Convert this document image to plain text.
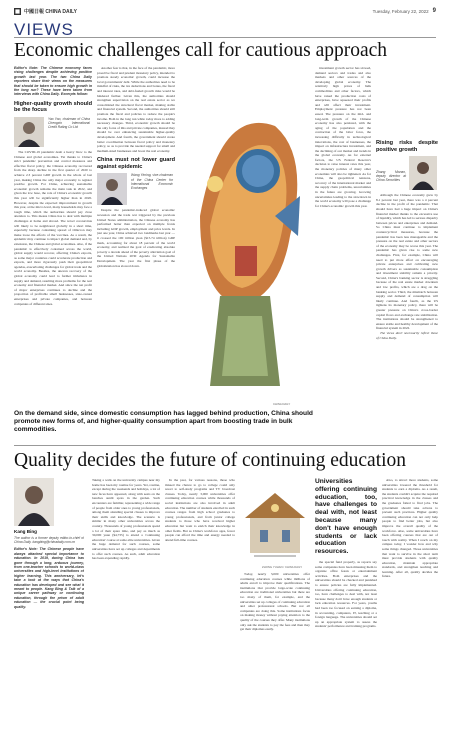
中國日報 CHINA DAILY	Tuesday, February 22, 2022 9
VIEWS
Economic challenges call for cautious approach
Editor's Note: The Chinese economy faces rising challenges despite achieving positive growth last year. The two China Daily reporters share their views on the measures that should be taken to ensure high growth in the long run? These have been taken from interviews with China Daily. Excerpts follow:
Higher-quality growth should be the focus
Yao Yao, chairman of China Chengxin International Credit Rating Co Ltd

The COVID-19 pandemic dealt a heavy blow to the Chinese and global economies. Yet thanks to China's strict pandemic prevention and control measures and effective fiscal policy, the Chinese economy recovered from the sharp decline in the first quarter of 2020 to achieve 2.3 percent GDP growth in the whole of last year, making China the only major economy to register positive growth. For China, achieving sustainable economic growth remains the main task in 2022, and given the low base, the role of China's economic growth this year will be significantly higher than in 2020. However, despite the expected improvement in growth this year, at the micro level, many households may face a tough time, which the authorities should pay close attention to. This means China has to deal with multiple challenges at home and abroad. The novel coronavirus will likely to be neighbored globally in a short time, especially because containing spread of Omicron may make loose the effects of the vaccines. As a result, the epidemic may continue to impact global demand and, by extension, the Chinese and global economies. Also, if the pandemic is effectively contained across the world, global supply would recover, affecting China's exports, as some major countries could accelerate production and exports, and more rigorously push their geopolitical agendas, exacerbating challenges for global trade and the world economy. Besides, the uneven recovery of the global economy could lead to further imbalance in supply and demand, resulting more problems for the real economy and financial market. And since the net profit of major enterprises continues to decline and the proportion of profitable small businesses, state-owned enterprises and private companies, and between companies of different sizes.

Another fear is that, in the face of the pandemic, more proactive fiscal and prudent monetary policy, intended to promote steady economic growth, could increase the local governments' debt. While the authorities need to be mindful of risks, the tax deductions and bonus, the fiscal and interest rates, and debt-fueled growth risks would be hindered further. Given this, the authorities should strengthen supervision on the real estate sector as we consolidated the structural fiscal market, making stable and financial system. Second, the authorities should still promote the fiscal and policies to reduce the people's income. Both in the long run while today more to adding necessary changes. Third, economic growth should be the only focus of this and private companies, instead they should be over enhancing sustainable higher-quality development. And fourth, the government should create better coordination between fiscal policy and monetary policy, so as to provide the needed support for small and medium-sized businesses and boost the real economy.

China must not lower guard against epidemic
Wang Yiming, vice-chairman of the China Center for International Economic Exchanges

Despite the pandemic-induced global economic recession and the trade war triggered by the previous United States administration, the Chinese economy has performed better than expected on multiple fronts including GDP growth, employment and price levels. In just one year, China achieved two landmarks last year — it crossed the 100 trillion yuan ($15.74 trillion) GDP mark, accounting for about 18 percent of the world economy, and realized the goal of eradicating absolute poverty a decade ahead of the poverty alleviation goal of the United Nations 2030 Agenda for Sustainable Development. The year the first phase of the globalization has slowed down.

CHINA DAILY

investment growth sector has slowed, demand sectors and trades and also markets and other sources of the developing global economy. The relatively high prices of bulk commodities and other factors, which have raised the production costs of enterprises, have squeezed their profits and will affect their investment. Employment pressure has not been eased. The pressure on the mid- and long-term growth of the Chinese economy has also persisted, with the aging of the population and the contraction of the labor force, the increasing difficulty in technological innovations, the cost of businesses, the impact on infrastructure investment, and the declining of our market and trends in the global economy. As for external factors, the US Federal Reserve's decision to raise interest rates this year, the monetary policies of many other economies will also be tightened. As for China, the geopolitical tensions, recovery of the international market and the supply chain problems, uncertainties in the future are growing. Growing uncertainties leading to the slowdown in the world economy will pose a challenge for China's economic growth this year.

Rising risks despite positive growth
Zhang Monan, deputy director at China Securities

Although the Chinese economy grew by 8.1 percent last year, there was a 4 percent decline in the profit of the pandemic. That should have had a huge impact on China's financial market thanks to the excessive use of liquidity, which has led to serious disparity between prices and enterprises and demand. So China must continue to implement countercyclical measures, because the pandemic has been less manageable and the pressure on the real estate and other sectors of the economy may be worse this year. The pandemic has given rise to some new challenges. First, for example, China will need to put more effort on encouraging private enterprises and cultivating new growth drivers as sustainable consumption and investment stability remain a priority. Second, China's banking sector is struggling because of the real estate market downturn and low profits, which are a drag on the banking sector. Third, the mismatch between supply and demand of consumption will likely continue. And fourth, as the US tightens its monetary policy, there will be greater pressure on China's cross-border capital flows and exchange rate stabilization. The institutions should be strengthened to ensure stable and healthy development of the financial system in 2022.

The views don't necessarily reflect those of China Daily.

On the demand side, since domestic consumption has lagged behind production, China should promote new forms of, and higher-quality consumption apart from boosting trade in bulk commodities.
Quality decides the future of continuing education
Kang Bing
The author is a former deputy editor-in-chief of China Daily. kangbing@chinadaily.com.cn
Editor's Note: The Chinese people have always attached special importance to education. In 2019, during China has gone through a long, arduous journey, from one-teacher schools to world-class universities and high-level institutions of higher learning. This anniversary, let's take a look at the ways that China's education has developed and see what it meant to people. Kang Bing & Talk of a unique career pathway or continuing education, through the prism of adult education — the crucial point being quality.

Taking a walk on the university campus near my home has been my routine for years. Yet, routine, except during the weekends and holidays, a lot of new faces have appeared, along with seats on the benches sunlit spots in the garden. Such encounters are familiar, representing a wide range of people from older ones to young professionals, among them attending special classes to improve their skills and knowledge. The scenario is similar in many other universities across the country. Thousands of young professionals spend a lot of their spare time, and pay as much as 30,000 yuan ($4,735) to attend a 'continuing education' course at some elite universities. Given the huge demand for such courses, some universities have set up colleges and departments to offer such courses. As such, adult education has been expanding rapidly.

In the past, for various reasons, those who missed the chance to go to college could only resort to self-study programs and TV broadcast classes. Today, nearly 3,000 universities offer continuing education courses while thousands of social institutions are also involved in adult education. The number of students enrolled in such courses ranges from high school graduates to young professionals, and from junior college students to those who have received higher education but want to enrich their knowledge in other fields. But as China's workforce ages, fewer people can afford the time and energy needed to attend full-time courses.

ZHONG YUHAN / CHINA DAILY

Today, nearly 3,000 universities offer continuing education courses while millions of adults enroll to improve their qualifications. The institutions that provide large-scale continuing education are traditional universities but there are too many of them, for example, and the universities set up colleges of continuing education and other professional schools. But not all companies are doing this. Some institutions focus on making money without paying attention to the quality of the courses they offer. Many institutions only ask the students to pay the fees and then they get their diplomas easily.

Universities offering continuing education, too, have challenges to deal with, not least because many don't have enough students or lack education resources.

the special fund properly, as reports say some companies have been misusing them to organize office feasts or entertainment activities. Both enterprises and the universities should be checked and punished to ensure policies are fully implemented. Universities offering continuing education, too, have challenges to deal with, not least because many don't have enough students or lack education resources. For years, youths had been too focused on earning a diploma, in accounting, computers, IT, teaching or a foreign language. The universities should set up an appropriate system to assess the students' performance and training programs.

Also, to attract more students, some universities lowered the threshold for students to earn a diploma. As a result, the students couldn't acquire the required practical knowledge in the classes and the graduates failed to find jobs. The government should take actions to prevent such practices. Higher quality continuing education can not only help people to find better jobs, but also improve the overall quality of the workforce. Also, some universities have been offering courses that are out of touch with reality. When I reach on my campus today, I wonder how and why some things changed. Those universities that want to survive in the short term must provide students with quality education, maintain appropriate standards, and strengthen teaching and learning. After all, quality decides the future.
